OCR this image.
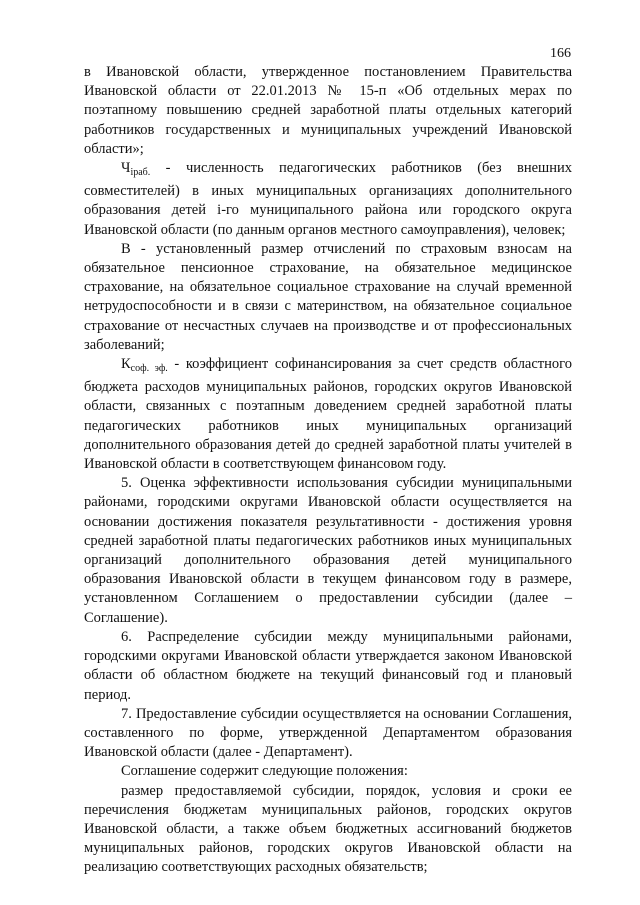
166

в Ивановской области, утвержденное постановлением Правительства Ивановской области от 22.01.2013 № 15-п «Об отдельных мерах по поэтапному повышению средней заработной платы отдельных категорий работников государственных и муниципальных учреждений Ивановской области»;

$Ч_{iраб.}$ - численность педагогических работников (без внешних совместителей) в иных муниципальных организациях дополнительного образования детей i-го муниципального района или городского округа Ивановской области (по данным органов местного самоуправления), человек;

В - установленный размер отчислений по страховым взносам на обязательное пенсионное страхование, на обязательное медицинское страхование, на обязательное социальное страхование на случай временной нетрудоспособности и в связи с материнством, на обязательное социальное страхование от несчастных случаев на производстве и от профессиональных заболеваний;

$К_{соф. эф.}$ - коэффициент софинансирования за счет средств областного бюджета расходов муниципальных районов, городских округов Ивановской области, связанных с поэтапным доведением средней заработной платы педагогических работников иных муниципальных организаций дополнительного образования детей до средней заработной платы учителей в Ивановской области в соответствующем финансовом году.

5. Оценка эффективности использования субсидии муниципальными районами, городскими округами Ивановской области осуществляется на основании достижения показателя результативности - достижения уровня средней заработной платы педагогических работников иных муниципальных организаций дополнительного образования детей муниципального образования Ивановской области в текущем финансовом году в размере, установленном Соглашением о предоставлении субсидии (далее – Соглашение).

6. Распределение субсидии между муниципальными районами, городскими округами Ивановской области утверждается законом Ивановской области об областном бюджете на текущий финансовый год и плановый период.

7. Предоставление субсидии осуществляется на основании Соглашения, составленного по форме, утвержденной Департаментом образования Ивановской области (далее - Департамент).

Соглашение содержит следующие положения:

размер предоставляемой субсидии, порядок, условия и сроки ее перечисления бюджетам муниципальных районов, городских округов Ивановской области, а также объем бюджетных ассигнований бюджетов муниципальных районов, городских округов Ивановской области на реализацию соответствующих расходных обязательств;
